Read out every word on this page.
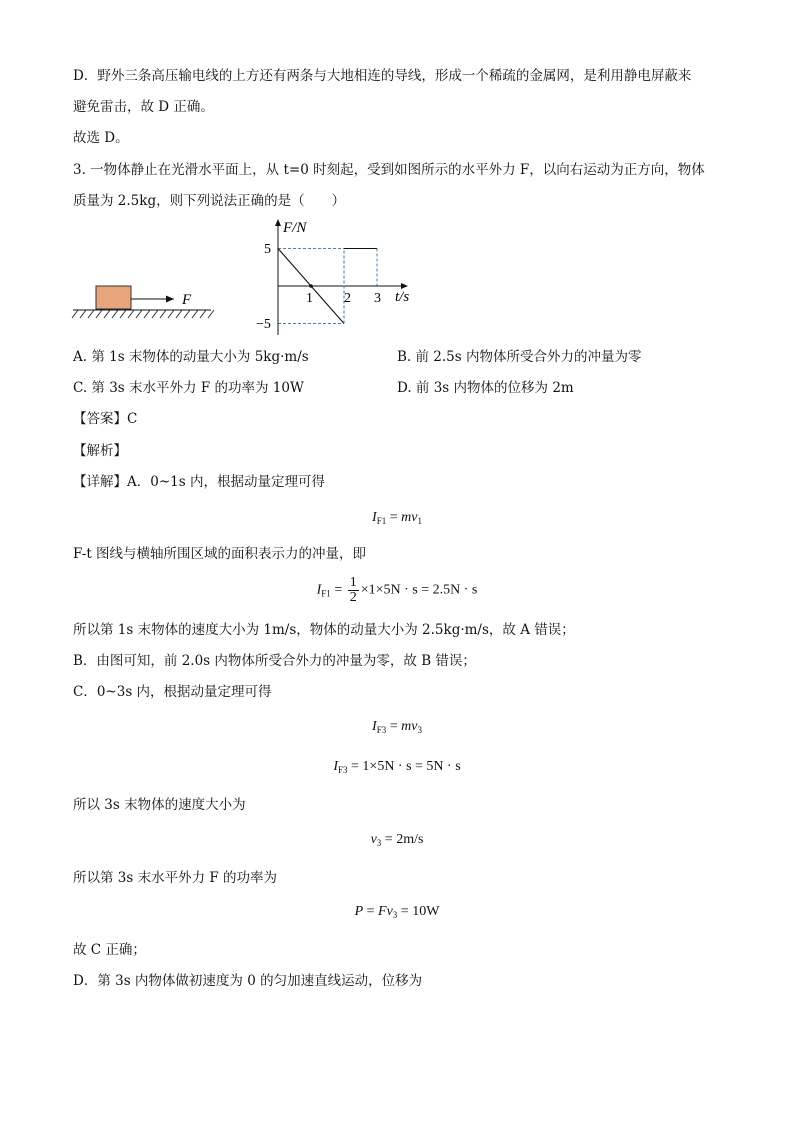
D．野外三条高压输电线的上方还有两条与大地相连的导线，形成一个稀疏的金属网，是利用静电屏蔽来
避免雷击，故 D 正确。
故选 D。
3. 一物体静止在光滑水平面上，从 t=0 时刻起，受到如图所示的水平外力 F，以向右运动为正方向，物体
质量为 2.5kg，则下列说法正确的是（　　）
F
F/N
t/s
5
−5
1 2 3
A. 第 1s 末物体的动量大小为 5kg·m/s	B. 前 2.5s 内物体所受合外力的冲量为零
C. 第 3s 末水平外力 F 的功率为 10W	D. 前 3s 内物体的位移为 2m
【答案】C
【解析】
【详解】A．0~1s 内，根据动量定理可得
$I_{F1} = mv_1$
F-t 图线与横轴所围区域的面积表示力的冲量，即
$I_{F1} = \frac{1}{2} \times 1\times 5N \cdot s = 2.5N \cdot s$
所以第 1s 末物体的速度大小为 1m/s，物体的动量大小为 2.5kg·m/s，故 A 错误；
B．由图可知，前 2.0s 内物体所受合外力的冲量为零，故 B 错误；
C．0~3s 内，根据动量定理可得
$I_{F3} = mv_3$
$I_{F3} = 1\times 5N \cdot s = 5N \cdot s$
所以 3s 末物体的速度大小为
$v_3 = 2m/s$
所以第 3s 末水平外力 F 的功率为
$P = Fv_3 = 10W$
故 C 正确；
D．第 3s 内物体做初速度为 0 的匀加速直线运动，位移为
